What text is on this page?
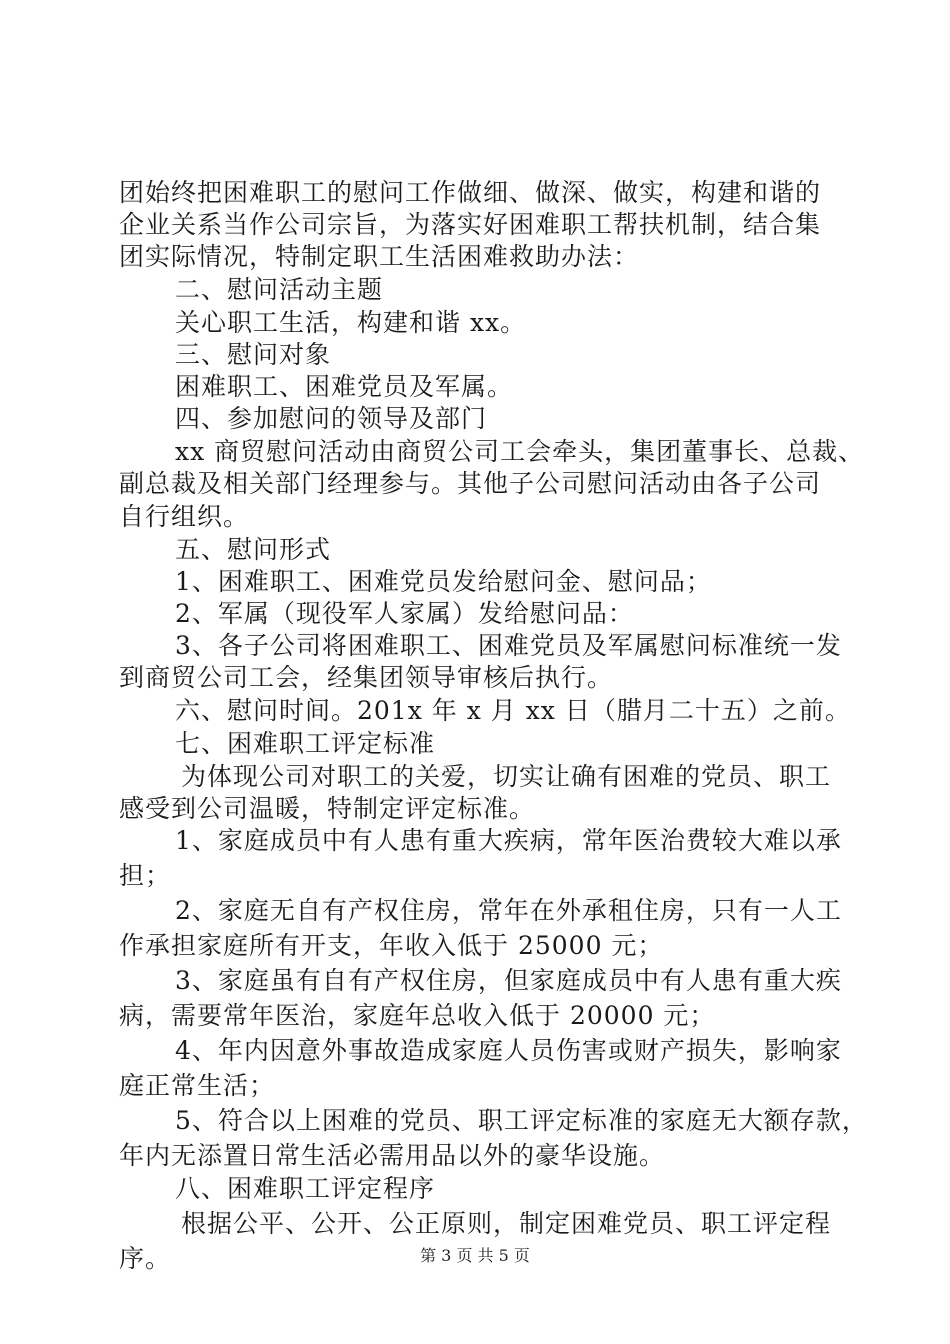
团始终把困难职工的慰问工作做细、做深、做实，构建和谐的
企业关系当作公司宗旨，为落实好困难职工帮扶机制，结合集
团实际情况，特制定职工生活困难救助办法：
二、慰问活动主题
关心职工生活，构建和谐 xx。
三、慰问对象
困难职工、困难党员及军属。
四、参加慰问的领导及部门
xx 商贸慰问活动由商贸公司工会牵头，集团董事长、总裁、
副总裁及相关部门经理参与。其他子公司慰问活动由各子公司
自行组织。
五、慰问形式
1、困难职工、困难党员发给慰问金、慰问品；
2、军属（现役军人家属）发给慰问品：
3、各子公司将困难职工、困难党员及军属慰问标准统一发
到商贸公司工会，经集团领导审核后执行。
六、慰问时间。201x 年 x 月 xx 日（腊月二十五）之前。
七、困难职工评定标准
为体现公司对职工的关爱，切实让确有困难的党员、职工
感受到公司温暖，特制定评定标准。
1、家庭成员中有人患有重大疾病，常年医治费较大难以承
担；
2、家庭无自有产权住房，常年在外承租住房，只有一人工
作承担家庭所有开支，年收入低于 25000 元；
3、家庭虽有自有产权住房，但家庭成员中有人患有重大疾
病，需要常年医治，家庭年总收入低于 20000 元；
4、年内因意外事故造成家庭人员伤害或财产损失，影响家
庭正常生活；
5、符合以上困难的党员、职工评定标准的家庭无大额存款，
年内无添置日常生活必需用品以外的豪华设施。
八、困难职工评定程序
根据公平、公开、公正原则，制定困难党员、职工评定程
序。	第 3 页 共 5 页
